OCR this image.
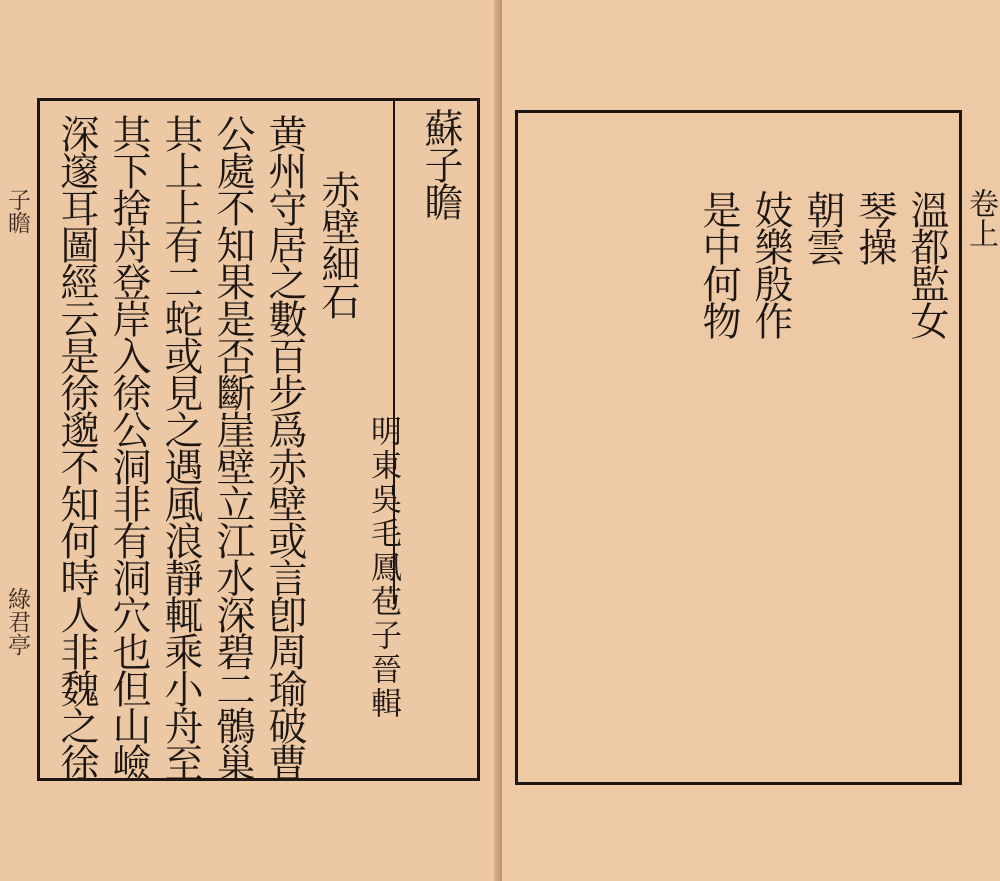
子瞻
綠君亭
蘇子瞻
明東吳毛鳳苞子晉輯
赤壁細石
黄州守居之數百步爲赤壁或言卽周瑜破曹
公處不知果是否斷崖壁立江水深碧二鶻巢
其上上有二蛇或見之遇風浪靜輒乘小舟至
其下捨舟登岸入徐公洞非有洞穴也但山嶮
深邃耳圖經云是徐邈不知何時人非魏之徐	卷上
溫都監女
琴操
朝雲
妓樂殷作
是中何物
